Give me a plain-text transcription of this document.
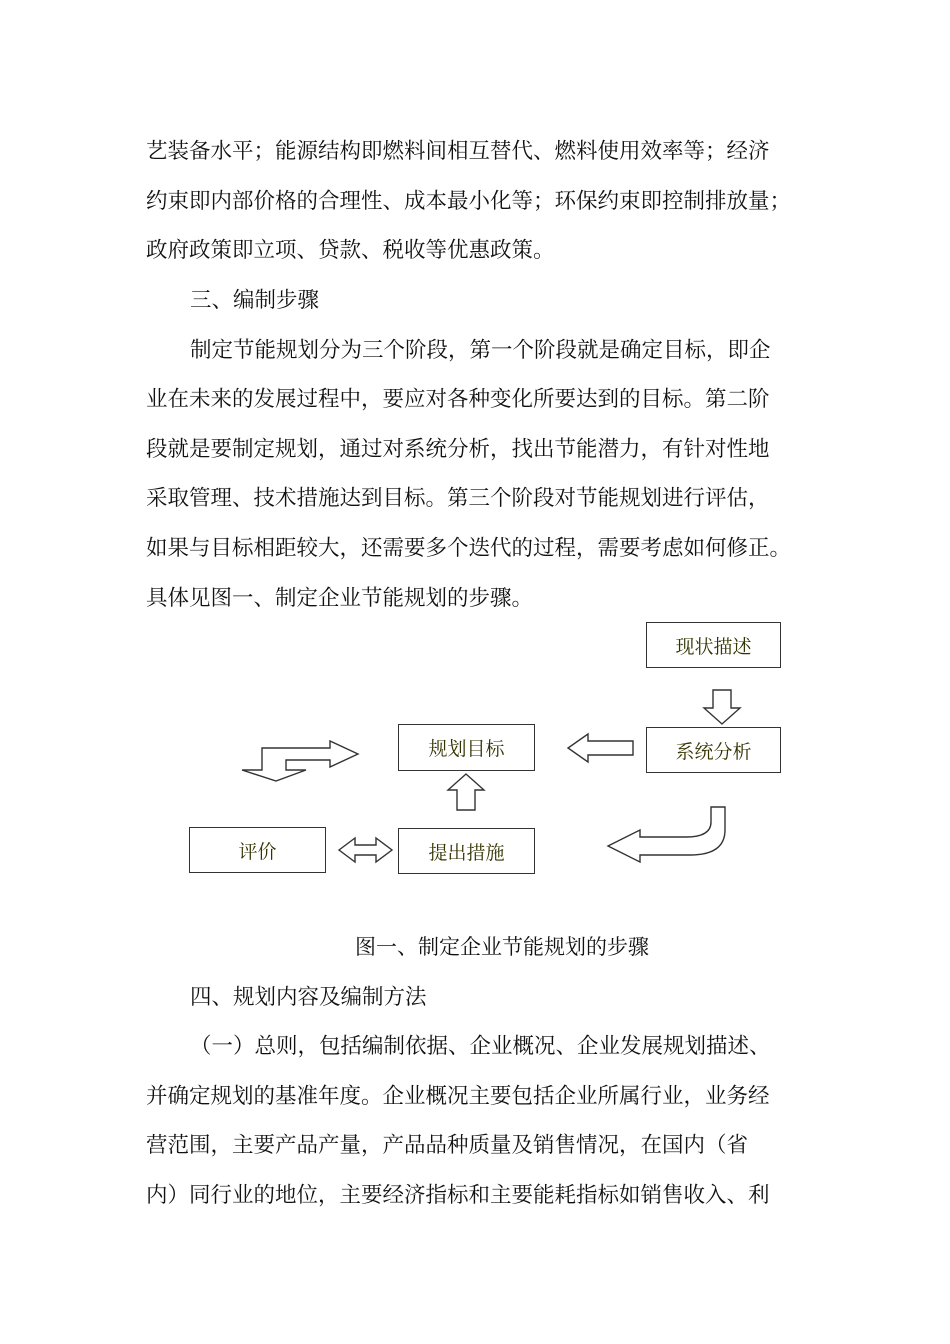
艺装备水平；能源结构即燃料间相互替代、燃料使用效率等；经济
约束即内部价格的合理性、成本最小化等；环保约束即控制排放量；
政府政策即立项、贷款、税收等优惠政策。
三、编制步骤
制定节能规划分为三个阶段，第一个阶段就是确定目标，即企
业在未来的发展过程中，要应对各种变化所要达到的目标。第二阶
段就是要制定规划，通过对系统分析，找出节能潜力，有针对性地
采取管理、技术措施达到目标。第三个阶段对节能规划进行评估，
如果与目标相距较大，还需要多个迭代的过程，需要考虑如何修正。
具体见图一、制定企业节能规划的步骤。
现状描述
系统分析
规划目标
提出措施
评价
图一、制定企业节能规划的步骤
四、规划内容及编制方法
（一）总则，包括编制依据、企业概况、企业发展规划描述、
并确定规划的基准年度。企业概况主要包括企业所属行业，业务经
营范围，主要产品产量，产品品种质量及销售情况，在国内（省
内）同行业的地位，主要经济指标和主要能耗指标如销售收入、利
